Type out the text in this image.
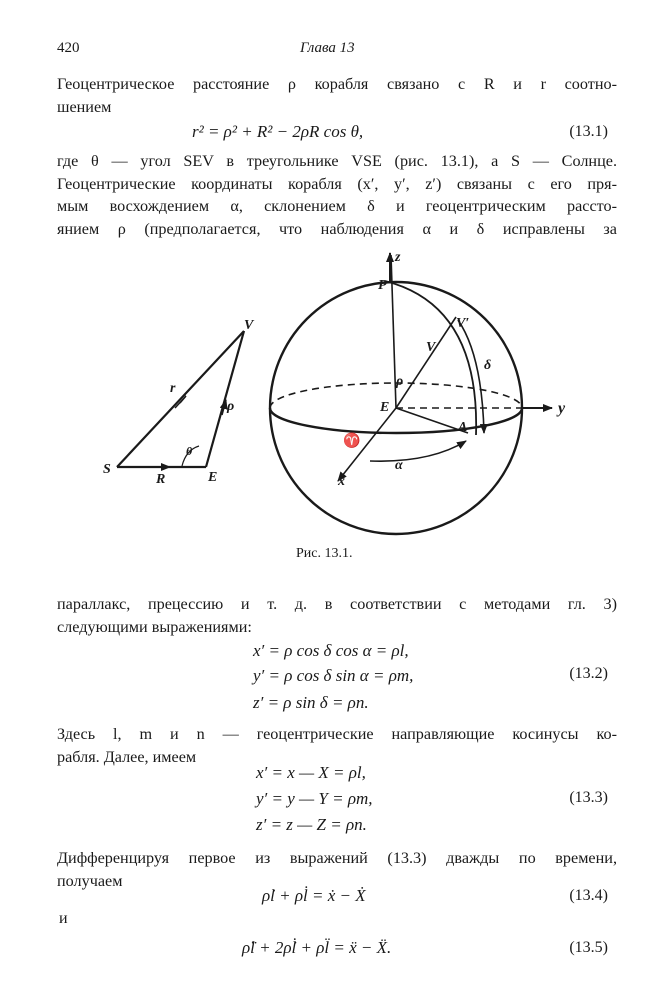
420	Глава 13
Геоцентрическое расстояние ρ корабля связано с R и r соотно-
шением
r² = ρ² + R² − 2ρR cos θ,	(13.1)
где θ — угол SEV в треугольнике VSE (рис. 13.1), а S — Солнце.
Геоцентрические координаты корабля (x′, y′, z′) связаны с его пря-
мым восхождением α, склонением δ и геоцентрическим рассто-
янием ρ (предполагается, что наблюдения α и δ исправлены за
V
S
E
r
R
ρ
θ
z
y
x
P
V
V′
E
A
ρ
δ
α
♈
Рис. 13.1.
параллакс, прецессию и т. д. в соответствии с методами гл. 3)
следующими выражениями:
x′ = ρ cos δ cos α = ρl,
y′ = ρ cos δ sin α = ρm,
z′ = ρ sin δ = ρn.
(13.2)
Здесь l, m и n — геоцентрические направляющие косинусы ко-
рабля. Далее, имеем
x′ = x — X = ρl,
y′ = y — Y = ρm,
z′ = z — Z = ρn.
(13.3)
Дифференцируя первое из выражений (13.3) дважды по времени,
получаем
ρ̇l + ρl̇ = ẋ − Ẋ	(13.4)
и
ρ̈l + 2ρ̇l̇ + ρl̈ = ẍ − Ẍ.	(13.5)
